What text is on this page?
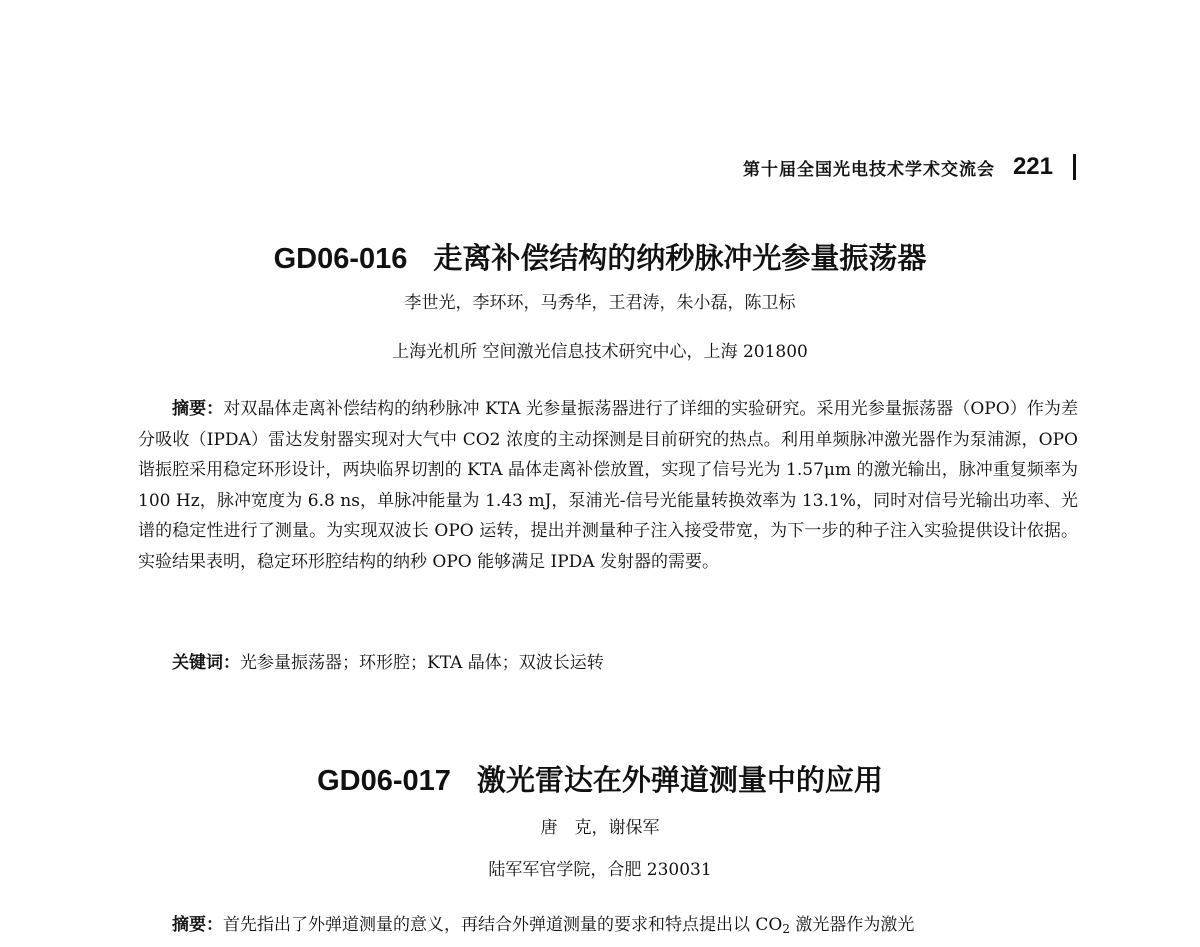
第十届全国光电技术学术交流会 221
GD06-016 走离补偿结构的纳秒脉冲光参量振荡器
李世光，李环环，马秀华，王君涛，朱小磊，陈卫标
上海光机所 空间激光信息技术研究中心，上海 201800

摘要：对双晶体走离补偿结构的纳秒脉冲 KTA 光参量振荡器进行了详细的实验研究。采用光参量振荡器（OPO）作为差分吸收（IPDA）雷达发射器实现对大气中 CO2 浓度的主动探测是目前研究的热点。利用单频脉冲激光器作为泵浦源，OPO 谐振腔采用稳定环形设计，两块临界切割的 KTA 晶体走离补偿放置，实现了信号光为 1.57μm 的激光输出，脉冲重复频率为 100 Hz，脉冲宽度为 6.8 ns，单脉冲能量为 1.43 mJ，泵浦光-信号光能量转换效率为 13.1%，同时对信号光输出功率、光谱的稳定性进行了测量。为实现双波长 OPO 运转，提出并测量种子注入接受带宽，为下一步的种子注入实验提供设计依据。实验结果表明，稳定环形腔结构的纳秒 OPO 能够满足 IPDA 发射器的需要。

关键词：光参量振荡器；环形腔；KTA 晶体；双波长运转
GD06-017 激光雷达在外弹道测量中的应用
唐　克，谢保军
陆军军官学院，合肥 230031

摘要：首先指出了外弹道测量的意义，再结合外弹道测量的要求和特点提出以 $CO_2$ 激光器作为激光
